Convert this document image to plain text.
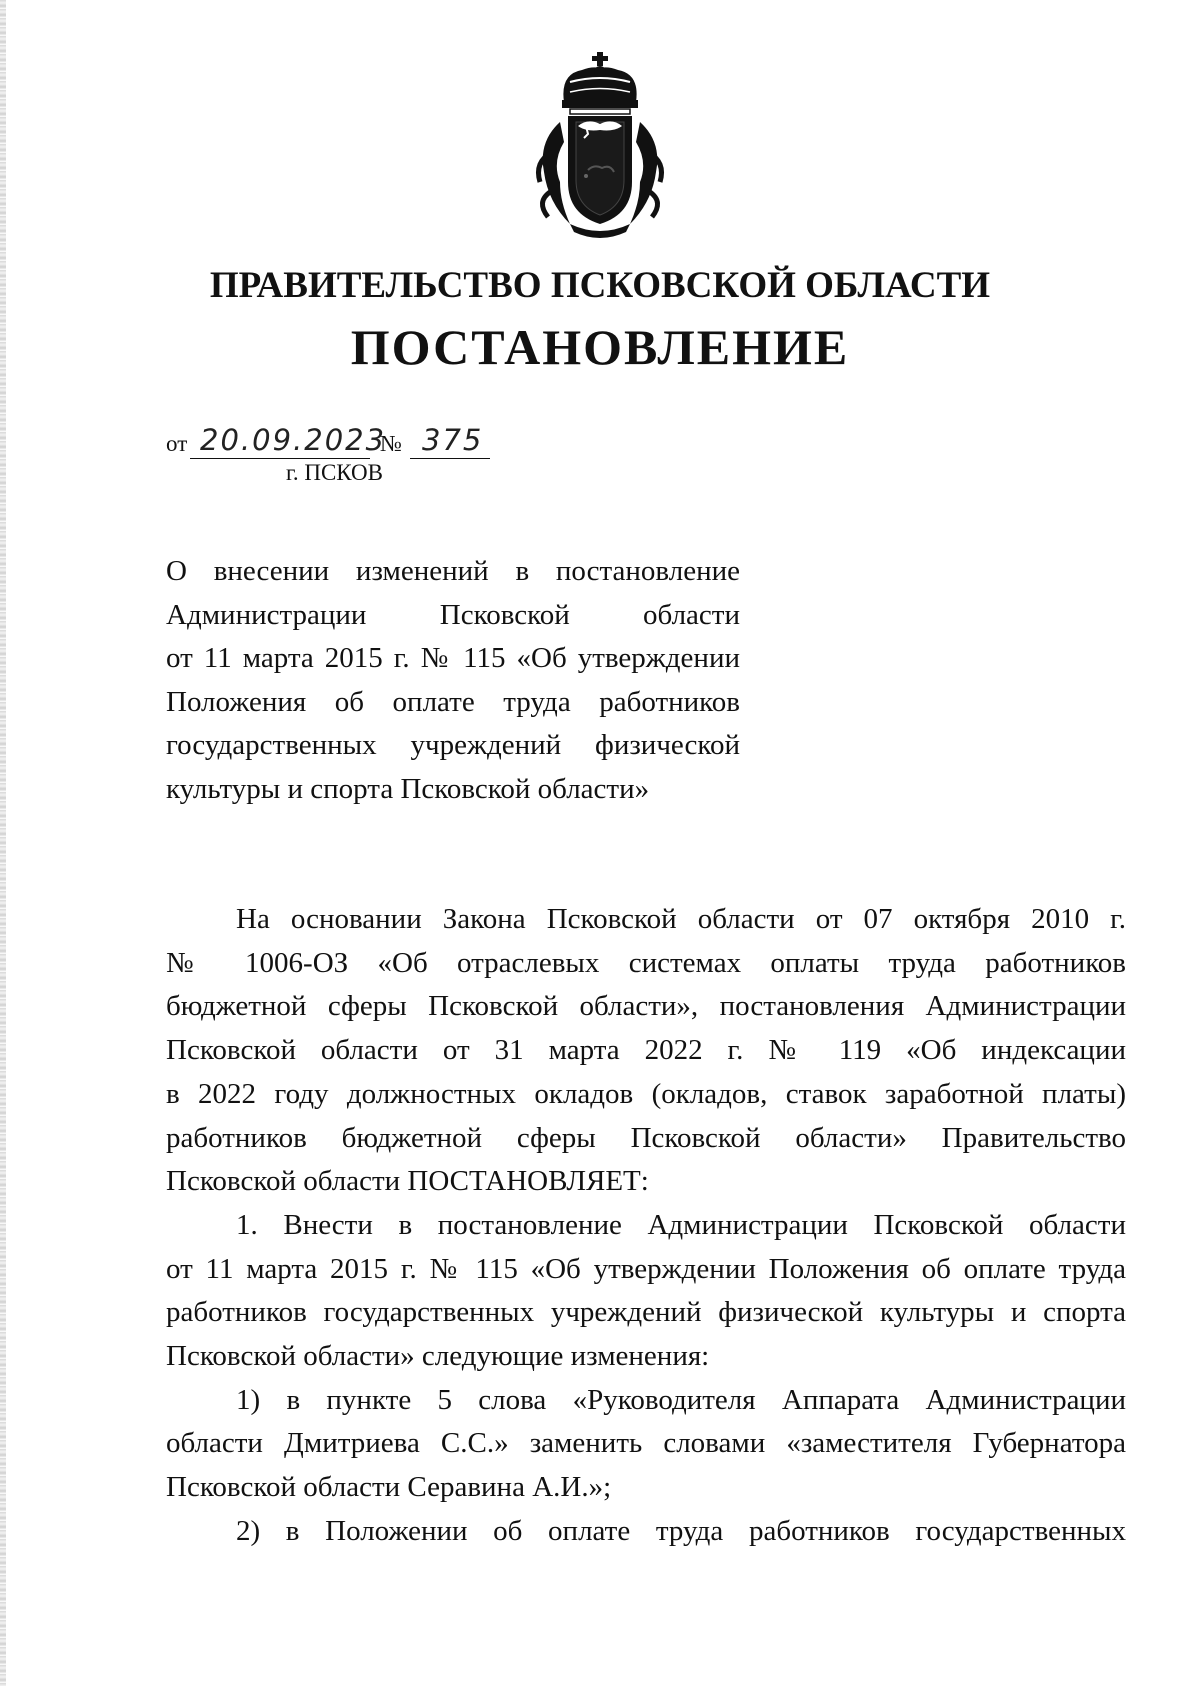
ПРАВИТЕЛЬСТВО ПСКОВСКОЙ ОБЛАСТИ
ПОСТАНОВЛЕНИЕ
от 20.09.2023
№ 375
г. ПСКОВ
О внесении изменений в постановление
Администрации Псковской области
от 11 марта 2015 г. № 115 «Об утверждении
Положения об оплате труда работников
государственных учреждений физической
культуры и спорта Псковской области»
На основании Закона Псковской области от 07 октября 2010 г.
№ 1006-ОЗ «Об отраслевых системах оплаты труда работников
бюджетной сферы Псковской области», постановления Администрации
Псковской области от 31 марта 2022 г. № 119 «Об индексации
в 2022 году должностных окладов (окладов, ставок заработной платы)
работников бюджетной сферы Псковской области» Правительство
Псковской области ПОСТАНОВЛЯЕТ:
1. Внести в постановление Администрации Псковской области
от 11 марта 2015 г. № 115 «Об утверждении Положения об оплате труда
работников государственных учреждений физической культуры и спорта
Псковской области» следующие изменения:
1) в пункте 5 слова «Руководителя Аппарата Администрации
области Дмитриева С.С.» заменить словами «заместителя Губернатора
Псковской области Серавина А.И.»;
2) в Положении об оплате труда работников государственных
